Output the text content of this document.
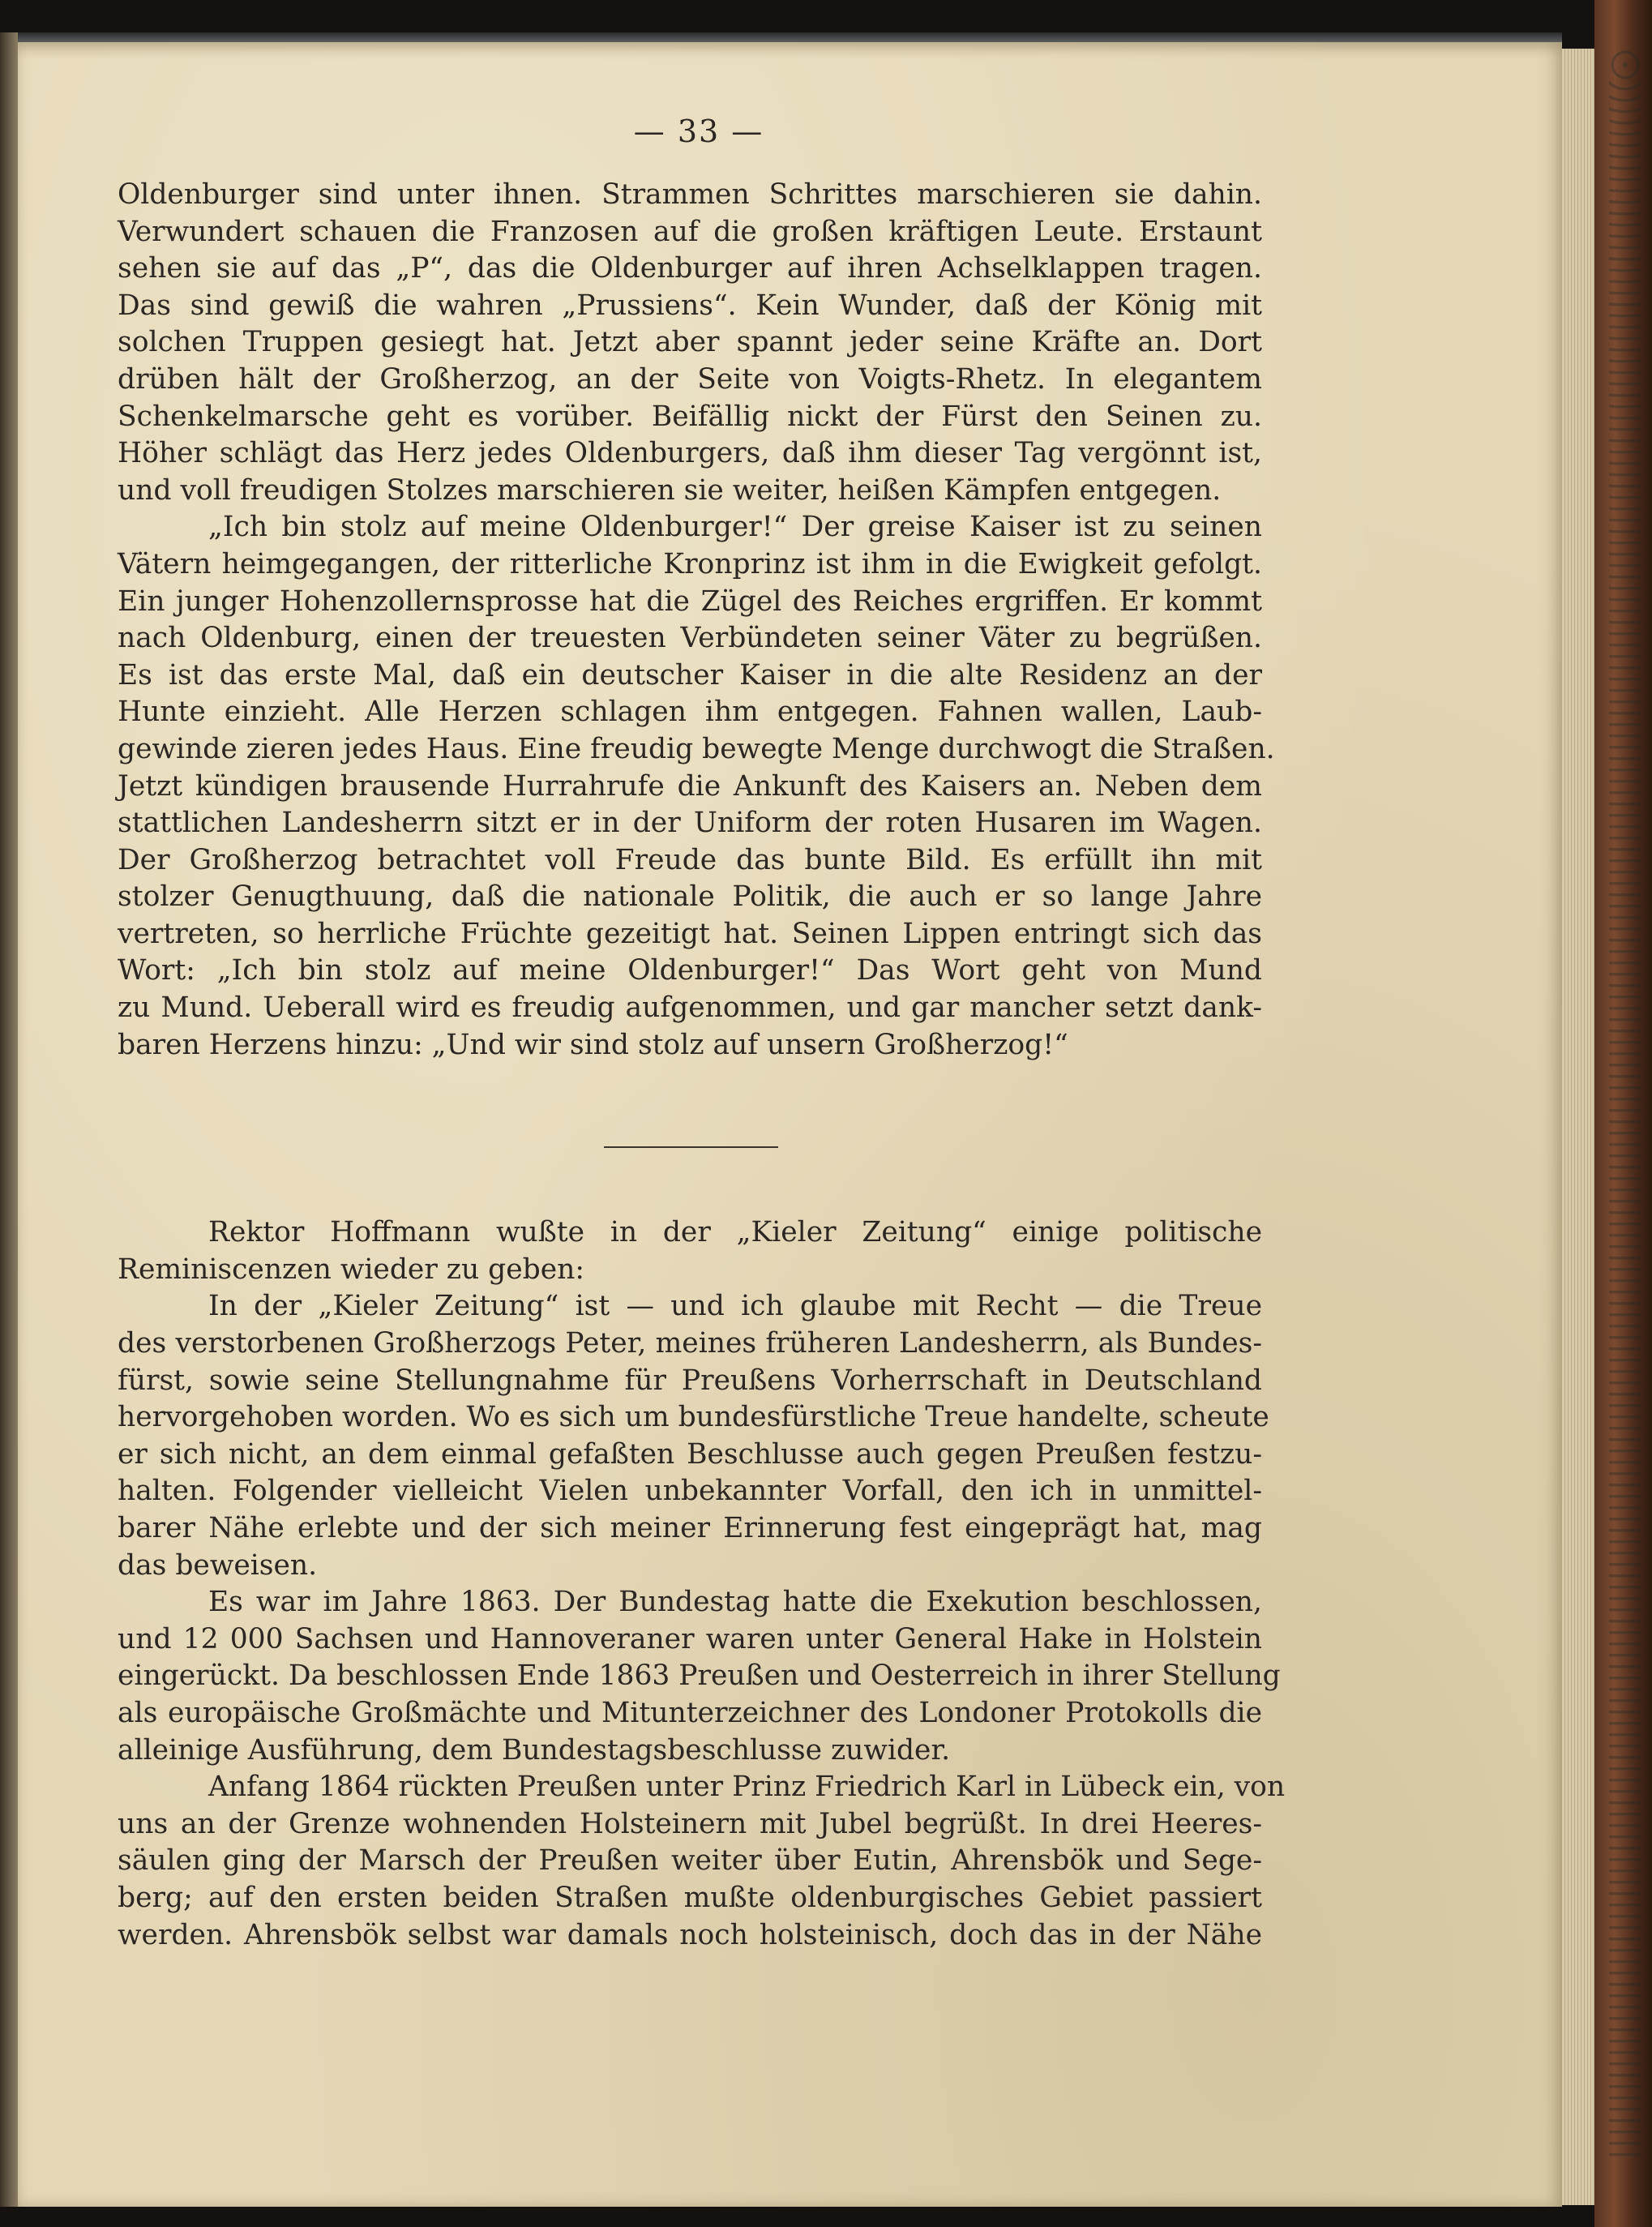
— 33 —
Oldenburger sind unter ihnen. Strammen Schrittes marschieren sie dahin.
Verwundert schauen die Franzosen auf die großen kräftigen Leute. Erstaunt
sehen sie auf das „P“, das die Oldenburger auf ihren Achselklappen tragen.
Das sind gewiß die wahren „Prussiens“. Kein Wunder, daß der König mit
solchen Truppen gesiegt hat. Jetzt aber spannt jeder seine Kräfte an. Dort
drüben hält der Großherzog, an der Seite von Voigts-Rhetz. In elegantem
Schenkelmarsche geht es vorüber. Beifällig nickt der Fürst den Seinen zu.
Höher schlägt das Herz jedes Oldenburgers, daß ihm dieser Tag vergönnt ist,
und voll freudigen Stolzes marschieren sie weiter, heißen Kämpfen entgegen.
„Ich bin stolz auf meine Oldenburger!“ Der greise Kaiser ist zu seinen
Vätern heimgegangen, der ritterliche Kronprinz ist ihm in die Ewigkeit gefolgt.
Ein junger Hohenzollernsprosse hat die Zügel des Reiches ergriffen. Er kommt
nach Oldenburg, einen der treuesten Verbündeten seiner Väter zu begrüßen.
Es ist das erste Mal, daß ein deutscher Kaiser in die alte Residenz an der
Hunte einzieht. Alle Herzen schlagen ihm entgegen. Fahnen wallen, Laub-
gewinde zieren jedes Haus. Eine freudig bewegte Menge durchwogt die Straßen.
Jetzt kündigen brausende Hurrahrufe die Ankunft des Kaisers an. Neben dem
stattlichen Landesherrn sitzt er in der Uniform der roten Husaren im Wagen.
Der Großherzog betrachtet voll Freude das bunte Bild. Es erfüllt ihn mit
stolzer Genugthuung, daß die nationale Politik, die auch er so lange Jahre
vertreten, so herrliche Früchte gezeitigt hat. Seinen Lippen entringt sich das
Wort: „Ich bin stolz auf meine Oldenburger!“ Das Wort geht von Mund
zu Mund. Ueberall wird es freudig aufgenommen, und gar mancher setzt dank-
baren Herzens hinzu: „Und wir sind stolz auf unsern Großherzog!“
Rektor Hoffmann wußte in der „Kieler Zeitung“ einige politische
Reminiscenzen wieder zu geben:
In der „Kieler Zeitung“ ist — und ich glaube mit Recht — die Treue
des verstorbenen Großherzogs Peter, meines früheren Landesherrn, als Bundes-
fürst, sowie seine Stellungnahme für Preußens Vorherrschaft in Deutschland
hervorgehoben worden. Wo es sich um bundesfürstliche Treue handelte, scheute
er sich nicht, an dem einmal gefaßten Beschlusse auch gegen Preußen festzu-
halten. Folgender vielleicht Vielen unbekannter Vorfall, den ich in unmittel-
barer Nähe erlebte und der sich meiner Erinnerung fest eingeprägt hat, mag
das beweisen.
Es war im Jahre 1863. Der Bundestag hatte die Exekution beschlossen,
und 12 000 Sachsen und Hannoveraner waren unter General Hake in Holstein
eingerückt. Da beschlossen Ende 1863 Preußen und Oesterreich in ihrer Stellung
als europäische Großmächte und Mitunterzeichner des Londoner Protokolls die
alleinige Ausführung, dem Bundestagsbeschlusse zuwider.
Anfang 1864 rückten Preußen unter Prinz Friedrich Karl in Lübeck ein, von
uns an der Grenze wohnenden Holsteinern mit Jubel begrüßt. In drei Heeres-
säulen ging der Marsch der Preußen weiter über Eutin, Ahrensbök und Sege-
berg; auf den ersten beiden Straßen mußte oldenburgisches Gebiet passiert
werden. Ahrensbök selbst war damals noch holsteinisch, doch das in der Nähe
